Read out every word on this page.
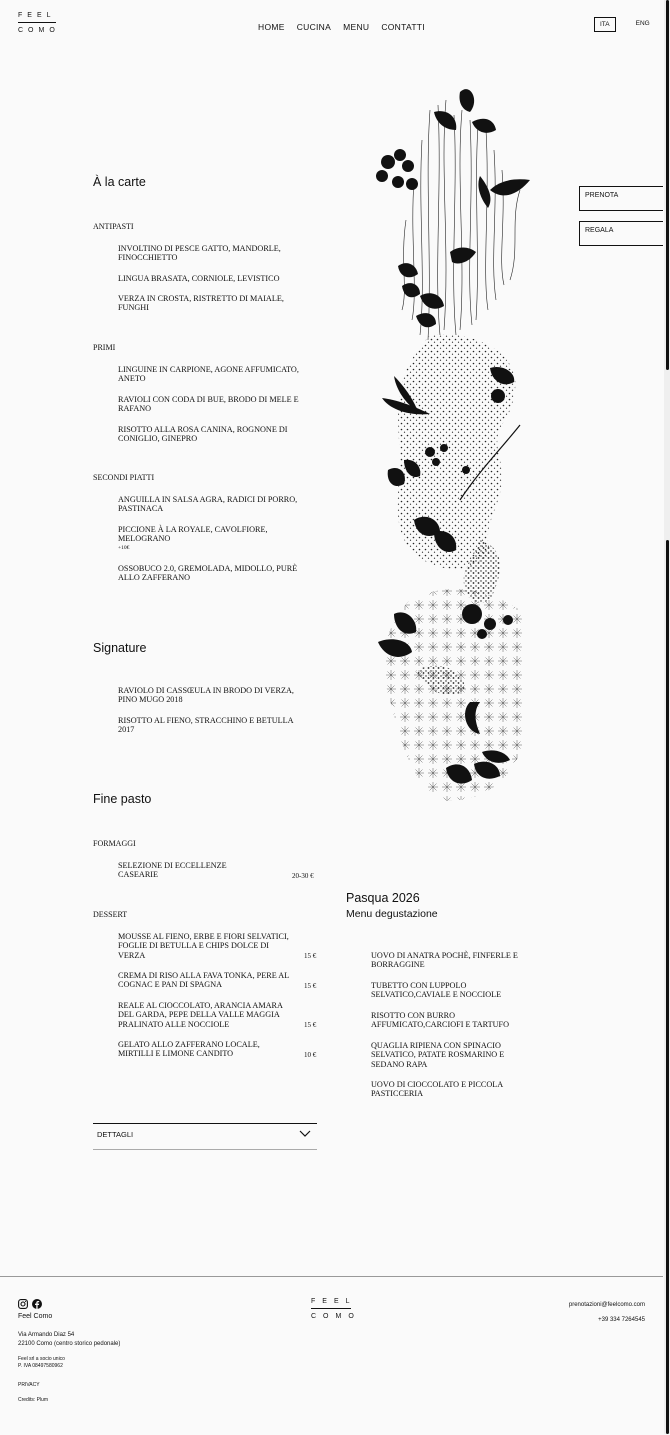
FEEL
COMO	HOME CUCINA MENU CONTATTI	ITA	ENG
PRENOTA
REGALA
À la carte
ANTIPASTI
INVOLTINO DI PESCE GATTO, MANDORLE, FINOCCHIETTO
LINGUA BRASATA, CORNIOLE, LEVISTICO
VERZA IN CROSTA, RISTRETTO DI MAIALE, FUNGHI
PRIMI
LINGUINE IN CARPIONE, AGONE AFFUMICATO, ANETO
RAVIOLI CON CODA DI BUE, BRODO DI MELE E RAFANO
RISOTTO ALLA ROSA CANINA, ROGNONE DI CONIGLIO, GINEPRO
SECONDI PIATTI
ANGUILLA IN SALSA AGRA, RADICI DI PORRO, PASTINACA
PICCIONE À LA ROYALE, CAVOLFIORE, MELOGRANO
+10€
OSSOBUCO 2.0, GREMOLADA, MIDOLLO, PURÈ ALLO ZAFFERANO
Signature
RAVIOLO DI CASSŒULA IN BRODO DI VERZA, PINO MUGO 2018
RISOTTO AL FIENO, STRACCHINO E BETULLA 2017
Fine pasto
FORMAGGI
SELEZIONE DI ECCELLENZE CASEARIE	20-30 €
DESSERT
MOUSSE AL FIENO, ERBE E FIORI SELVATICI, FOGLIE DI BETULLA E CHIPS DOLCE DI VERZA	15 €
CREMA DI RISO ALLA FAVA TONKA, PERE AL COGNAC E PAN DI SPAGNA	15 €
REALE AL CIOCCOLATO, ARANCIA AMARA DEL GARDA, PEPE DELLA VALLE MAGGIA PRALINATO ALLE NOCCIOLE	15 €
GELATO ALLO ZAFFERANO LOCALE, MIRTILLI E LIMONE CANDITO	10 €
DETTAGLI
Pasqua 2026
Menu degustazione
UOVO DI ANATRA POCHÈ, FINFERLE E BORRAGGINE
TUBETTO CON LUPPOLO SELVATICO,CAVIALE E NOCCIOLE
RISOTTO CON BURRO AFFUMICATO,CARCIOFI E TARTUFO
QUAGLIA RIPIENA CON SPINACIO SELVATICO, PATATE ROSMARINO E SEDANO RAPA
UOVO DI CIOCCOLATO E PICCOLA PASTICCERIA
Feel Como
Via Armando Diaz 54
22100 Como (centro storico pedonale)
Feel srl a socio unico
P. IVA 08497580962
PRIVACY
Credits: Plum
FEEL
COMO
prenotazioni@feelcomo.com
+39 334 7264545
